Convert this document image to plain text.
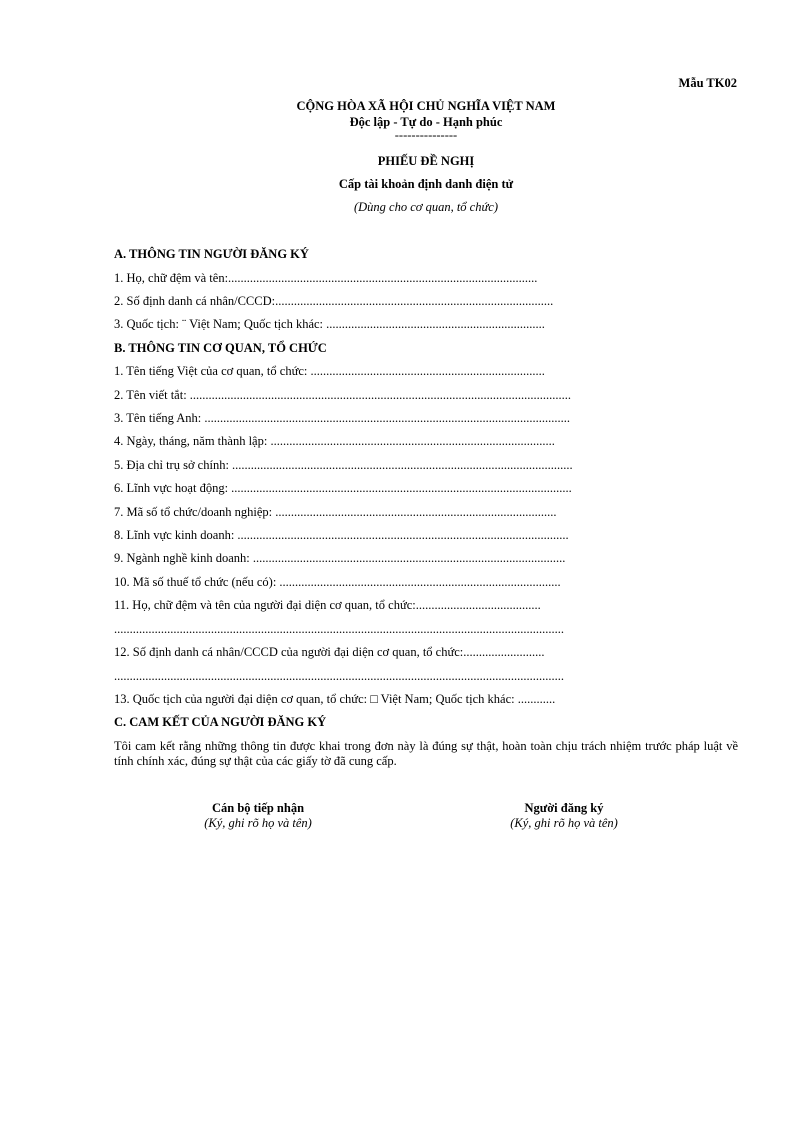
Mẫu TK02
CỘNG HÒA XÃ HỘI CHỦ NGHĨA VIỆT NAM
Độc lập - Tự do - Hạnh phúc
---------------
PHIẾU ĐỀ NGHỊ
Cấp tài khoản định danh điện tử
(Dùng cho cơ quan, tổ chức)
A. THÔNG TIN NGƯỜI ĐĂNG KÝ
1. Họ, chữ đệm và tên:...................................................................................................
2. Số định danh cá nhân/CCCD:.........................................................................................
3. Quốc tịch: ¨ Việt Nam; Quốc tịch khác: ......................................................................
B. THÔNG TIN CƠ QUAN, TỔ CHỨC
1. Tên tiếng Việt của cơ quan, tổ chức: ...........................................................................
2. Tên viết tắt: ..........................................................................................................................
3. Tên tiếng Anh: .....................................................................................................................
4. Ngày, tháng, năm thành lập: ...........................................................................................
5. Địa chỉ trụ sở chính: .............................................................................................................
6. Lĩnh vực hoạt động: .............................................................................................................
7. Mã số tổ chức/doanh nghiệp: ..........................................................................................
8. Lĩnh vực kinh doanh: ..........................................................................................................
9. Ngành nghề kinh doanh: ....................................................................................................
10. Mã số thuế tổ chức (nếu có): ..........................................................................................
11. Họ, chữ đệm và tên của người đại diện cơ quan, tổ chức:........................................
................................................................................................................................................
12. Số định danh cá nhân/CCCD của người đại diện cơ quan, tổ chức:..........................
................................................................................................................................................
13. Quốc tịch của người đại diện cơ quan, tổ chức: □ Việt Nam; Quốc tịch khác: ............
C. CAM KẾT CỦA NGƯỜI ĐĂNG KÝ
Tôi cam kết rằng những thông tin được khai trong đơn này là đúng sự thật, hoàn toàn chịu trách nhiệm trước pháp luật về tính chính xác, đúng sự thật của các giấy tờ đã cung cấp.
Cán bộ tiếp nhận
(Ký, ghi rõ họ và tên)
Người đăng ký
(Ký, ghi rõ họ và tên)
